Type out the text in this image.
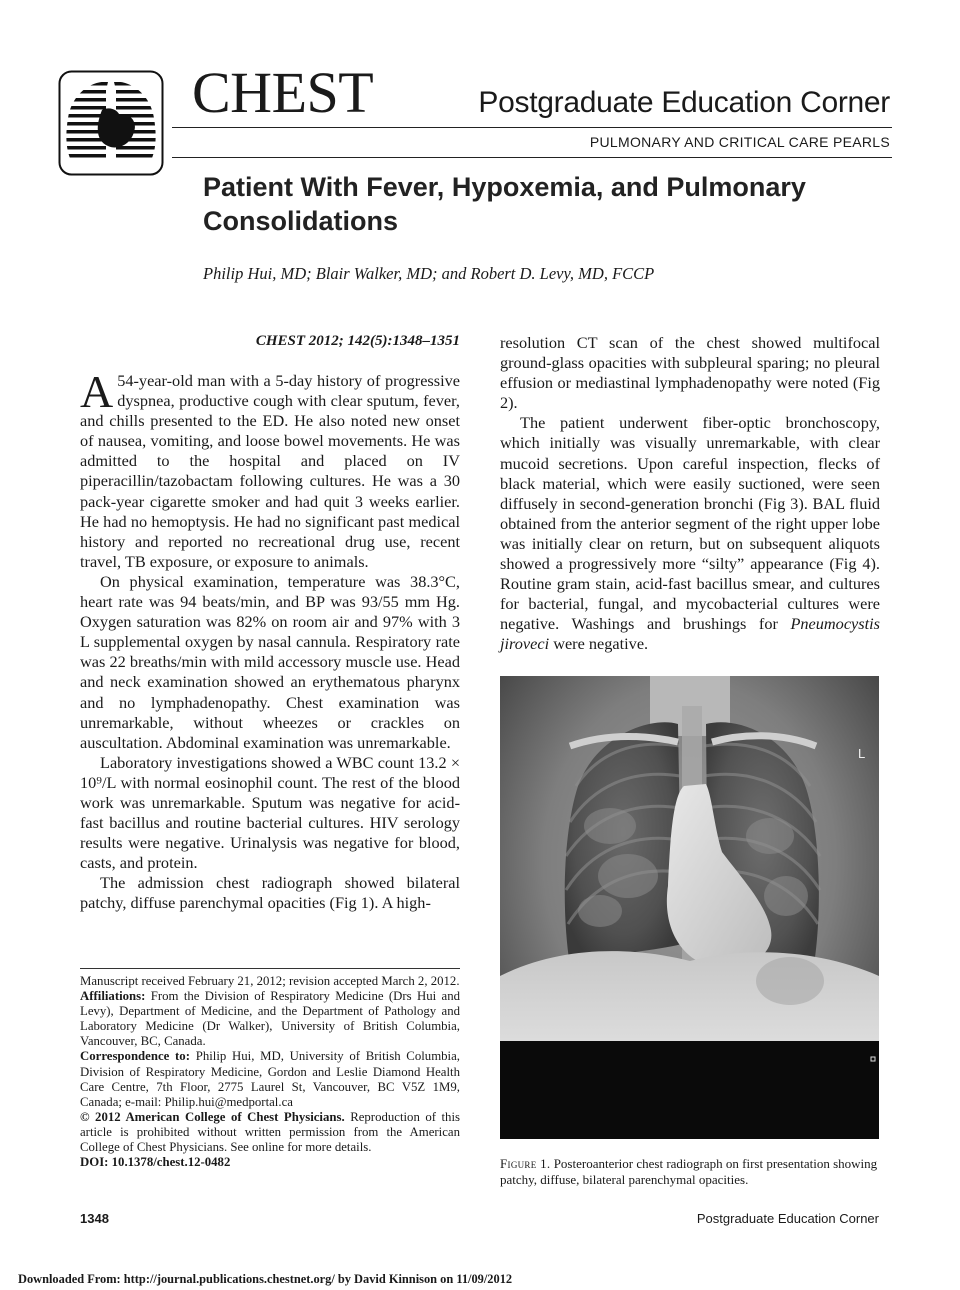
CHEST	Postgraduate Education Corner
PULMONARY AND CRITICAL CARE PEARLS
Patient With Fever, Hypoxemia, and Pulmonary Consolidations
Philip Hui, MD; Blair Walker, MD; and Robert D. Levy, MD, FCCP
CHEST 2012; 142(5):1348–1351

A 54-year-old man with a 5-day history of progressive dyspnea, productive cough with clear sputum, fever, and chills presented to the ED. He also noted new onset of nausea, vomiting, and loose bowel movements. He was admitted to the hospital and placed on IV piperacillin/tazobactam following cultures. He was a 30 pack-year cigarette smoker and had quit 3 weeks earlier. He had no hemoptysis. He had no significant past medical history and reported no recreational drug use, recent travel, TB exposure, or exposure to animals.

On physical examination, temperature was 38.3°C, heart rate was 94 beats/min, and BP was 93/55 mm Hg. Oxygen saturation was 82% on room air and 97% with 3 L supplemental oxygen by nasal cannula. Respiratory rate was 22 breaths/min with mild accessory muscle use. Head and neck examination showed an erythematous pharynx and no lymphadenopathy. Chest examination was unremarkable, without wheezes or crackles on auscultation. Abdominal examination was unremarkable.

Laboratory investigations showed a WBC count 13.2 × 10⁹/L with normal eosinophil count. The rest of the blood work was unremarkable. Sputum was negative for acid-fast bacillus and routine bacterial cultures. HIV serology results were negative. Urinalysis was negative for blood, casts, and protein.

The admission chest radiograph showed bilateral patchy, diffuse parenchymal opacities (Fig 1). A high-

resolution CT scan of the chest showed multifocal ground-glass opacities with subpleural sparing; no pleural effusion or mediastinal lymphadenopathy were noted (Fig 2).

The patient underwent fiber-optic bronchoscopy, which initially was visually unremarkable, with clear mucoid secretions. Upon careful inspection, flecks of black material, which were easily suctioned, were seen diffusely in second-generation bronchi (Fig 3). BAL fluid obtained from the anterior segment of the right upper lobe was initially clear on return, but on subsequent aliquots showed a progressively more “silty” appearance (Fig 4). Routine gram stain, acid-fast bacillus smear, and cultures for bacterial, fungal, and mycobacterial cultures were negative. Washings and brushings for Pneumocystis jiroveci were negative.

Manuscript received February 21, 2012; revision accepted March 2, 2012.

Affiliations: From the Division of Respiratory Medicine (Drs Hui and Levy), Department of Medicine, and the Department of Pathology and Laboratory Medicine (Dr Walker), University of British Columbia, Vancouver, BC, Canada.

Correspondence to: Philip Hui, MD, University of British Columbia, Division of Respiratory Medicine, Gordon and Leslie Diamond Health Care Centre, 7th Floor, 2775 Laurel St, Vancouver, BC V5Z 1M9, Canada; e-mail: Philip.hui@medportal.ca

© 2012 American College of Chest Physicians. Reproduction of this article is prohibited without written permission from the American College of Chest Physicians. See online for more details.

DOI: 10.1378/chest.12-0482

L
Figure 1. Posteroanterior chest radiograph on first presentation showing patchy, diffuse, bilateral parenchymal opacities.
1348	Postgraduate Education Corner
Downloaded From: http://journal.publications.chestnet.org/ by David Kinnison on 11/09/2012
